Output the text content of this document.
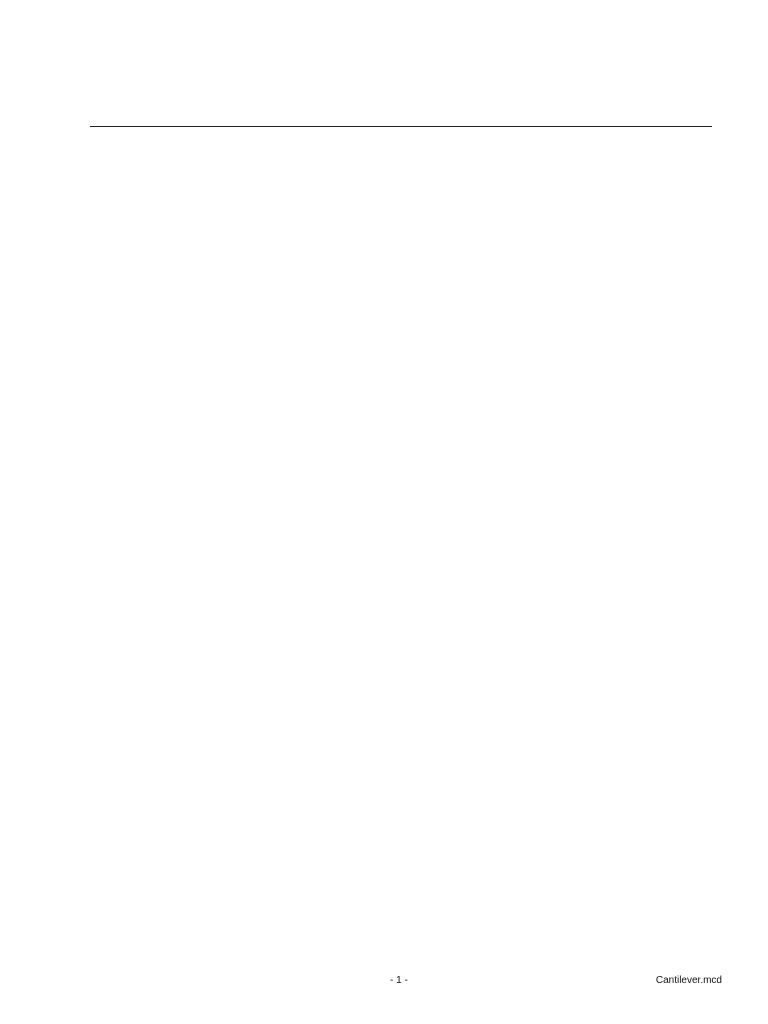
- 1 -	Cantilever.mcd
